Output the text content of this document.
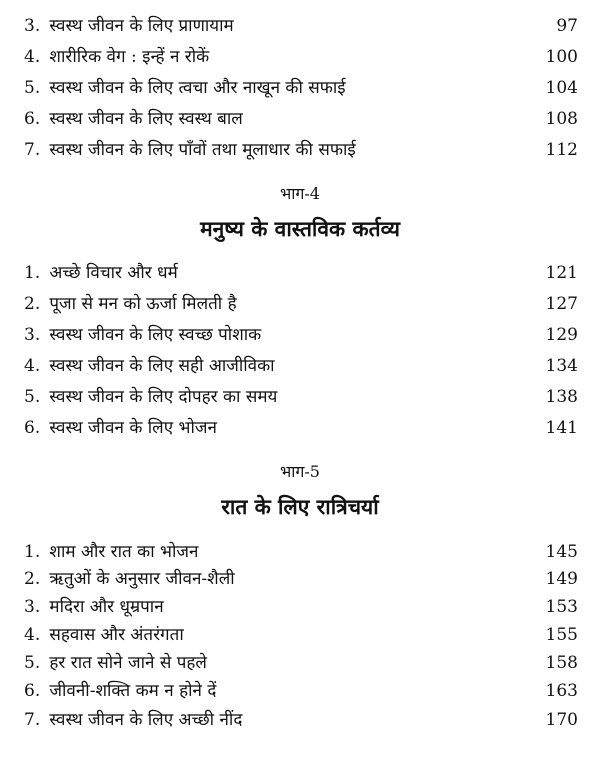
3. स्वस्थ जीवन के लिए प्राणायाम	97
4. शारीरिक वेग : इन्हें न रोकें	100
5. स्वस्थ जीवन के लिए त्वचा और नाखून की सफाई	104
6. स्वस्थ जीवन के लिए स्वस्थ बाल	108
7. स्वस्थ जीवन के लिए पाँवों तथा मूलाधार की सफाई	112
भाग-4
मनुष्य के वास्तविक कर्तव्य
1. अच्छे विचार और धर्म	121
2. पूजा से मन को ऊर्जा मिलती है	127
3. स्वस्थ जीवन के लिए स्वच्छ पोशाक	129
4. स्वस्थ जीवन के लिए सही आजीविका	134
5. स्वस्थ जीवन के लिए दोपहर का समय	138
6. स्वस्थ जीवन के लिए भोजन	141
भाग-5
रात के लिए रात्रिचर्या
1. शाम और रात का भोजन	145
2. ऋतुओं के अनुसार जीवन-शैली	149
3. मदिरा और धूम्रपान	153
4. सहवास और अंतरंगता	155
5. हर रात सोने जाने से पहले	158
6. जीवनी-शक्ति कम न होने दें	163
7. स्वस्थ जीवन के लिए अच्छी नींद	170
